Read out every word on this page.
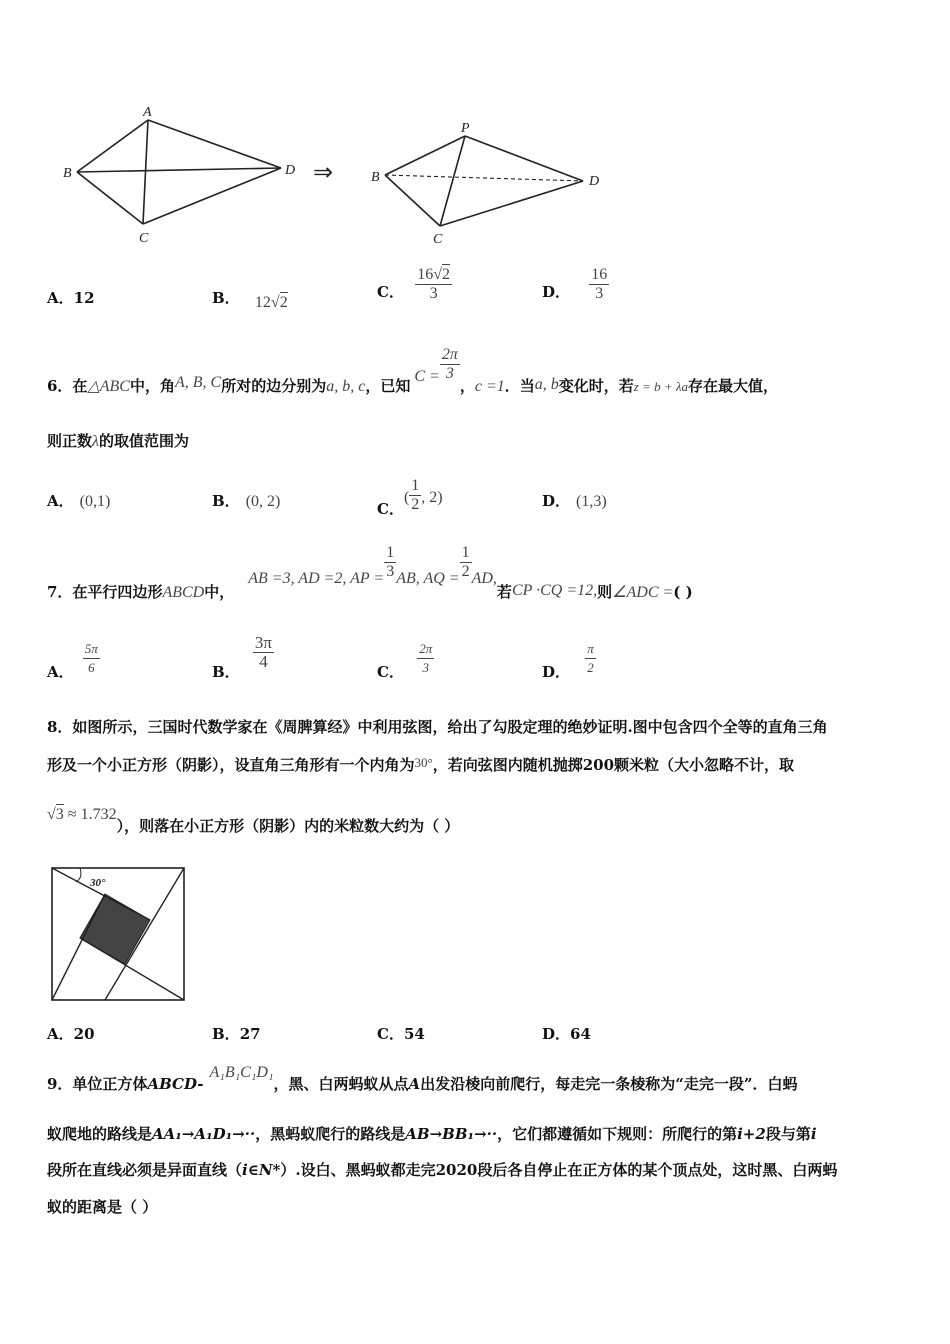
A
B
C
D ⇒
P
B
C
D
A．12	B． 12√2
C． $\frac{16√2}{3}$	D． $\frac{16}{3}$
6．在△ABC中，角A, B, C所对的边分别为a, b, c，已知$C = \frac{2\pi}{3}$
，c =1．当a, b变化时，若z = b + λa存在最大值，
则正数λ的取值范围为
A． (0,1)	B． (0, 2)	C．( $\frac{1}{2}$ , 2)	D． (1,3)
7．在平行四边形ABCD中，AB =3, AD =2, AP = $\frac{1}{3}$ AB, AQ = $\frac{1}{2}$ AD,若CP ·CQ =12,则∠ADC =( )
A． $\frac{5\pi}{6}$	B．
$\frac{3\pi}{4}$
C． $\frac{2\pi}{3}$	D． $\frac{\pi}{2}$
8．如图所示，三国时代数学家在《周脾算经》中利用弦图，给出了勾股定理的绝妙证明.图中包含四个全等的直角三角
形及一个小正方形（阴影），设直角三角形有一个内角为30°，若向弦图内随机抛掷200颗米粒（大小忽略不计，取
√3 ≈ 1.732），则落在小正方形（阴影）内的米粒数大约为（ ）
30°
A．20	B．27	C．54	D．64
9．单位正方体ABCD-A₁B₁C₁D₁，黑、白两蚂蚁从点A出发沿棱向前爬行，每走完一条棱称为“走完一段”．白蚂
蚁爬地的路线是AA₁→A₁D₁→··，黑蚂蚁爬行的路线是AB→BB₁→··，它们都遵循如下规则：所爬行的第i+2段与第i
段所在直线必须是异面直线（i∈N*）.设白、黑蚂蚁都走完2020段后各自停止在正方体的某个顶点处，这时黑、白两蚂
蚁的距离是（ ）
